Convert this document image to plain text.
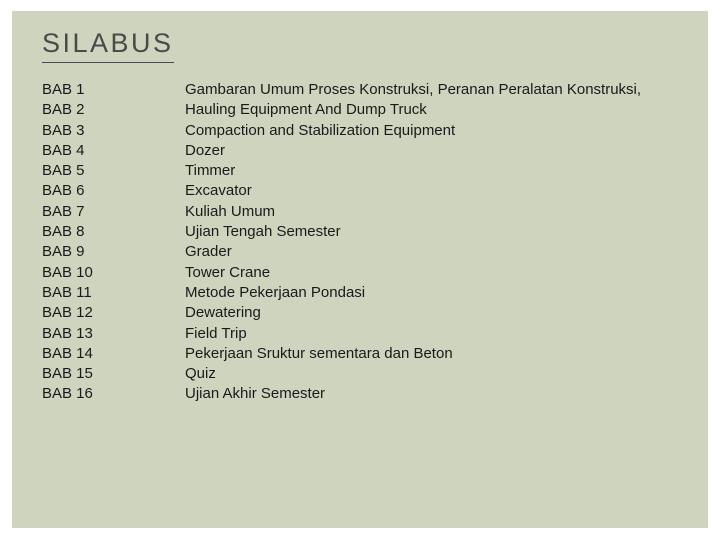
SILABUS
BAB 1
BAB 2
BAB 3
BAB 4
BAB 5
BAB 6
BAB 7
BAB 8
BAB 9
BAB 10
BAB 11
BAB 12
BAB 13
BAB 14
BAB 15
BAB 16
Gambaran Umum Proses Konstruksi, Peranan Peralatan Konstruksi,
Hauling Equipment And Dump Truck
Compaction and Stabilization Equipment
Dozer
Timmer
Excavator
Kuliah Umum
Ujian Tengah Semester
Grader
Tower Crane
Metode Pekerjaan Pondasi
Dewatering
Field Trip
Pekerjaan Sruktur sementara dan Beton
Quiz
Ujian Akhir Semester
